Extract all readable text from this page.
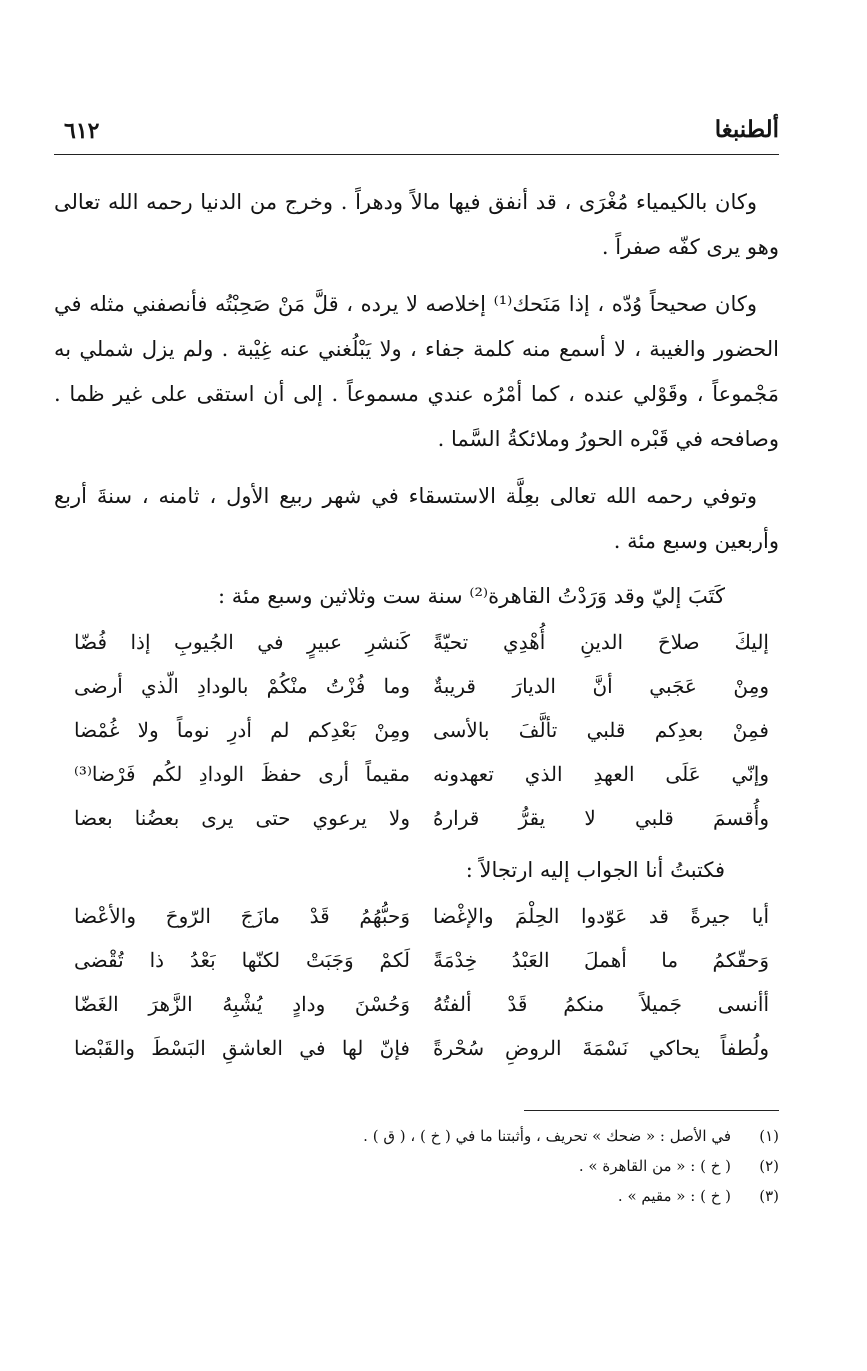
ألطنبغا
٦١٢

وكان بالكيمياء مُغْرَى ، قد أنفق فيها مالاً ودهراً . وخرج من الدنيا رحمه الله تعالى وهو يرى كفّه صفراً .

وكان صحيحاً وُدّه ، إذا مَنَحك⁽¹⁾ إخلاصه لا يرده ، قلَّ مَنْ صَحِبْتُه فأنصفني مثله في الحضور والغيبة ، لا أسمع منه كلمة جفاء ، ولا يَبْلُغني عنه غِيْبة . ولم يزل شملي به مَجْموعاً ، وقَوْلي عنده ، كما أمْرُه عندي مسموعاً . إلى أن استقى على غير ظما . وصافحه في قَبْره الحورُ وملائكةُ السَّما .

وتوفي رحمه الله تعالى بعِلَّة الاستسقاء في شهر ربيع الأول ، ثامنه ، سنةَ أربع وأربعين وسبع مئة .

كَتَبَ إليّ وقد وَرَدْتُ القاهرة⁽²⁾ سنة ست وثلاثين وسبع مئة :
إليكَ صلاحَ الدينِ أُهْدِي تحيّةً
كَنشرِ عبيرٍ في الجُيوبِ إذا فُضّا
ومِنْ عَجَبي أنَّ الديارَ قريبةٌ
وما فُزْتُ منْكُمْ بالودادِ الّذي أرضى
فمِنْ بعدِكم قلبي تألَّفَ بالأسى
ومِنْ بَعْدِكم لم أدرِ نوماً ولا غُمْضا
وإنّي عَلَى العهدِ الذي تعهدونه
مقيماً أرى حفظَ الودادِ لكُم فَرْضا⁽³⁾
وأُقسمَ قلبي لا يقرُّ قرارهُ
ولا يرعوي حتى يرى بعضُنا بعضا
فكتبتُ أنا الجواب إليه ارتجالاً :
أيا جيرةً قد عَوّدوا الحِلْمَ والإغْضا
وَحبُّهُمُ قَدْ مازَجَ الرّوحَ والأعْضا
وَحقّكمُ ما أهملَ العَبْدُ خِدْمَةً
لَكمْ وَجَبَتْ لكنّها بَعْدُ ذا تُقْضى
أأنسى جَميلاً منكمُ قَدْ ألفتُهُ
وَحُسْنَ ودادٍ يُشْبِهُ الزَّهرَ الغَضّا
ولُطفاً يحاكي نَسْمَةَ الروضِ سُحْرةً
فإنّ لها في العاشقِ البَسْطَ والقَبْضا
(١)
في الأصل : « ضحك » تحريف ، وأثبتنا ما في ( خ ) ، ( ق ) .
(٢)
( خ ) : « من القاهرة » .
(٣)
( خ ) : « مقيم » .
